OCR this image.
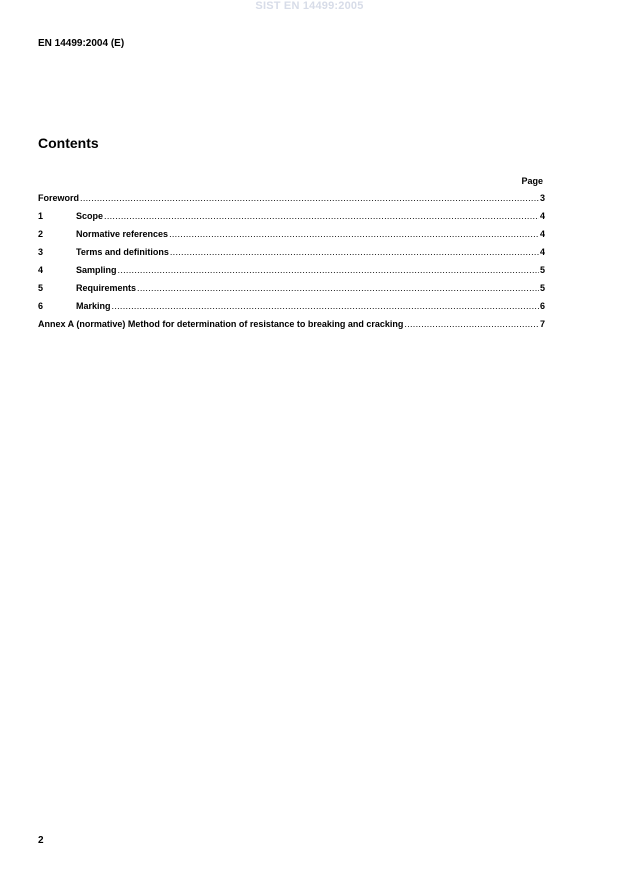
SIST EN 14499:2005
EN 14499:2004 (E)
Contents
Page
Foreword .....	3
1	Scope .....	4
2	Normative references .....	4
3	Terms and definitions .....	4
4	Sampling .....	5
5	Requirements .....	5
6	Marking .....	6
Annex A (normative) Method for determination of resistance to breaking and cracking .....	7
2
